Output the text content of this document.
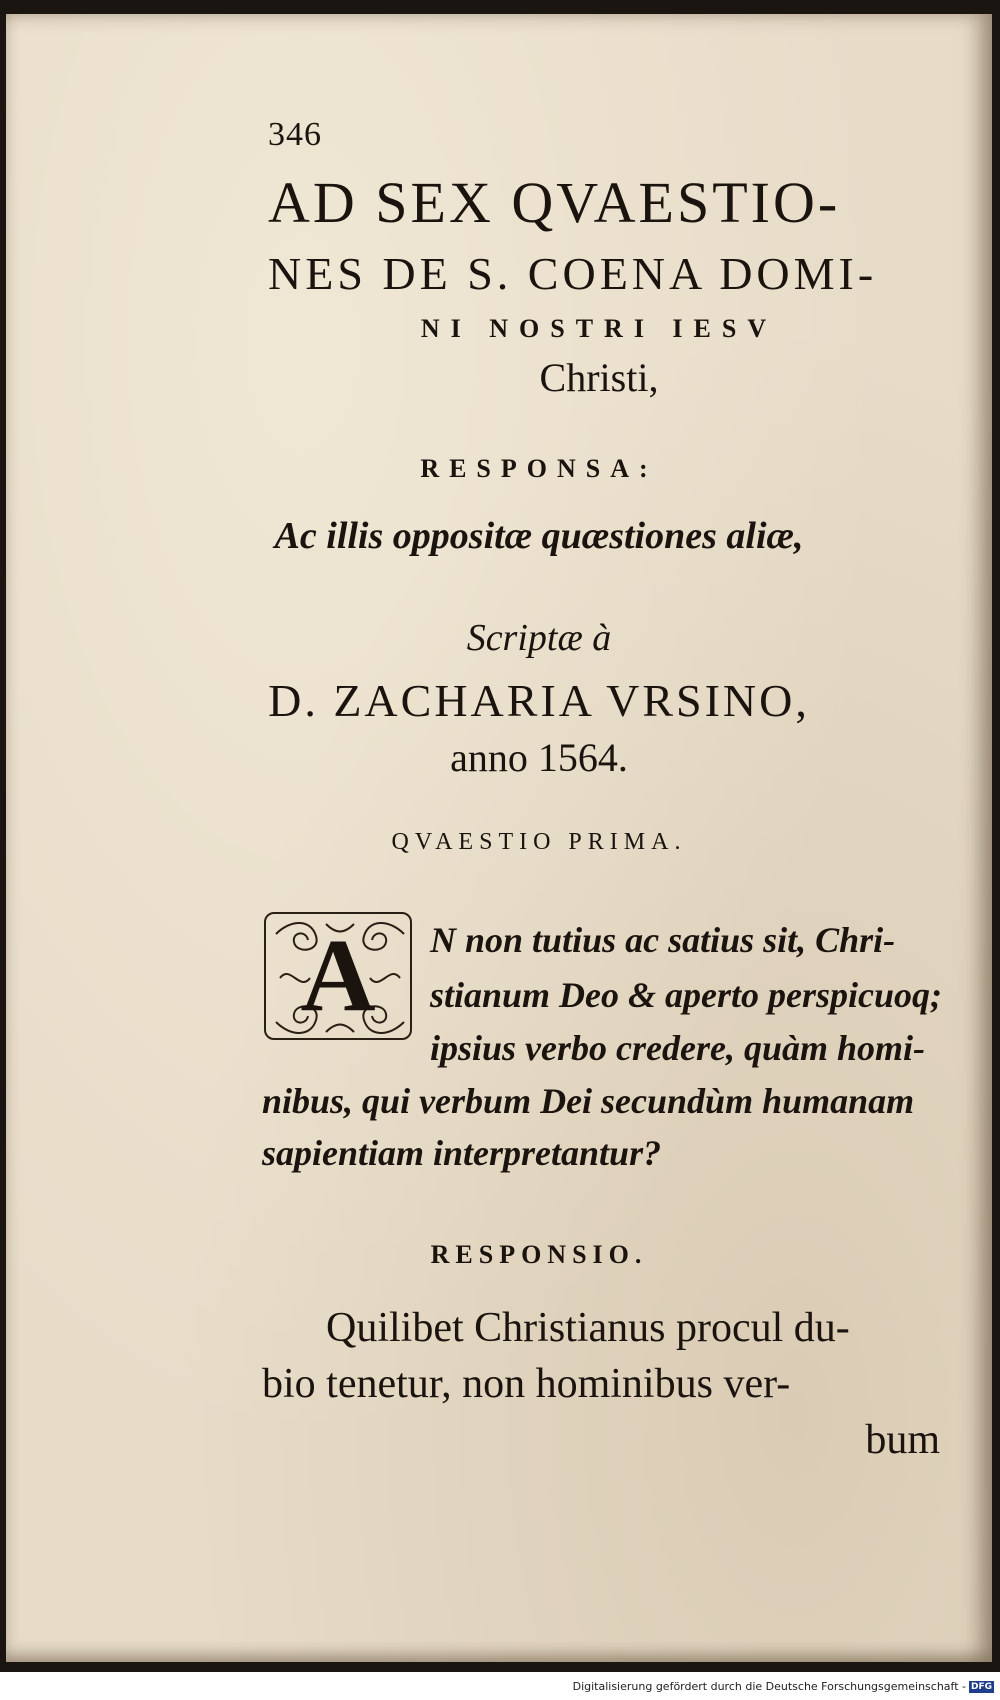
346

AD SEX QVAESTIO-

NES DE S. COENA DOMI-

NI NOSTRI IESV

Christi,

RESPONSA:

Ac illis oppositæ quæstiones aliæ,

Scriptæ à

D. ZACHARIA VRSINO,

anno 1564.

QVAESTIO PRIMA.

A N non tutius ac satius sit, Chri-

stianum Deo & aperto perspicuoq;

ipsius verbo credere, quàm homi-

nibus, qui verbum Dei secundùm humanam

sapientiam interpretantur?

RESPONSIO.

Quilibet Christianus procul du-

bio tenetur, non hominibus ver-

bum

Digitalisierung gefördert durch die Deutsche Forschungsgemeinschaft - DFG
